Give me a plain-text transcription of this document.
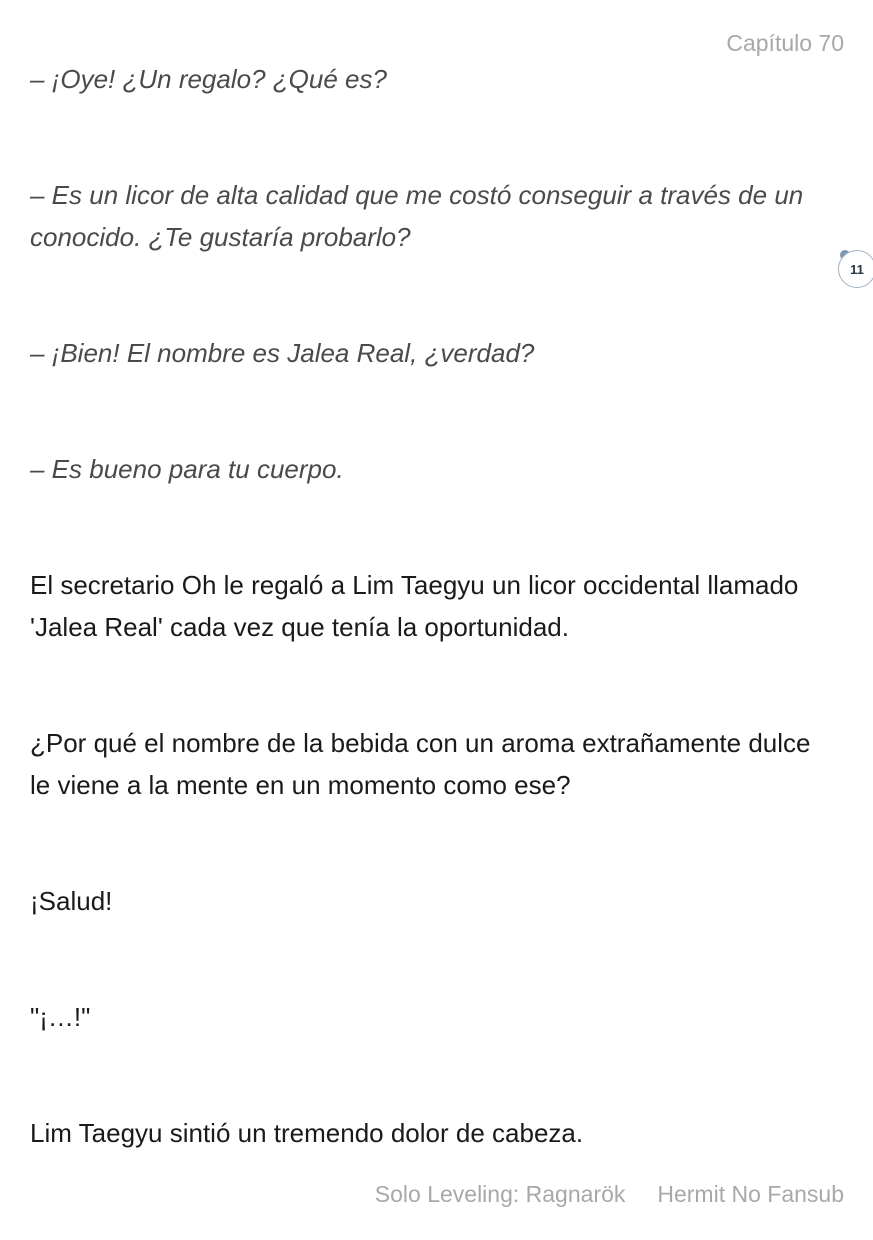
Capítulo 70
11

– ¡Oye! ¿Un regalo? ¿Qué es?

– Es un licor de alta calidad que me costó conseguir a través de un conocido. ¿Te gustaría probarlo?

– ¡Bien! El nombre es Jalea Real, ¿verdad?

– Es bueno para tu cuerpo.

El secretario Oh le regaló a Lim Taegyu un licor occidental llamado 'Jalea Real' cada vez que tenía la oportunidad.

¿Por qué el nombre de la bebida con un aroma extrañamente dulce le viene a la mente en un momento como ese?

¡Salud!

"¡…!"

Lim Taegyu sintió un tremendo dolor de cabeza.

Solo Leveling: Ragnarök Hermit No Fansub
